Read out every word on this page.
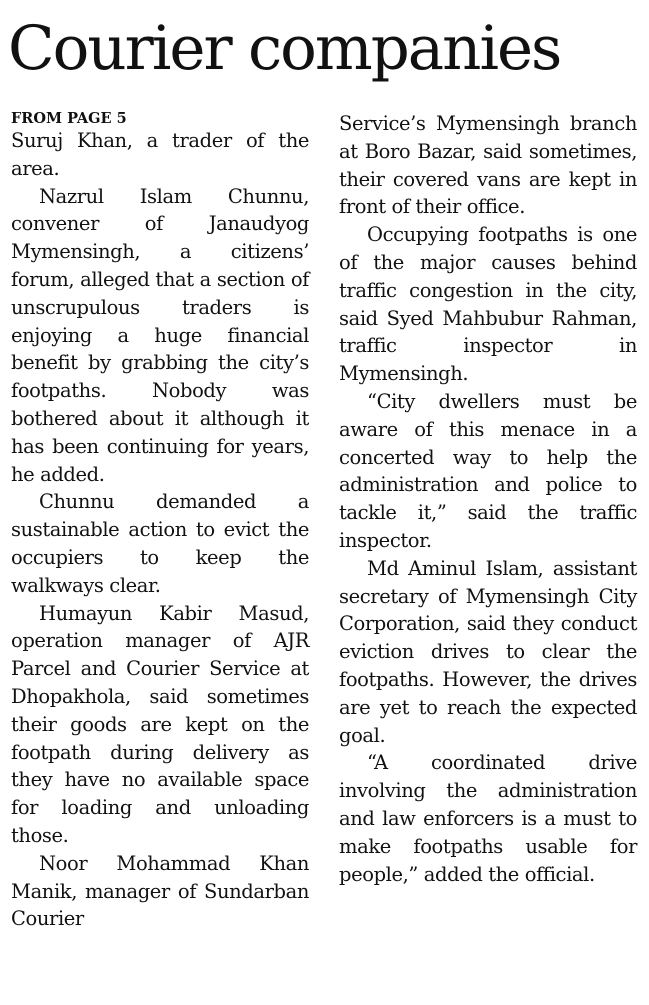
Courier companies
FROM PAGE 5

Suruj Khan, a trader of the area.

Nazrul Islam Chunnu, convener of Janaudyog Mymensingh, a citizens’ forum, alleged that a section of unscrupulous traders is enjoying a huge financial benefit by grabbing the city’s footpaths. Nobody was bothered about it although it has been continuing for years, he added.

Chunnu demanded a sustainable action to evict the occupiers to keep the walkways clear.

Humayun Kabir Masud, operation manager of AJR Parcel and Courier Service at Dhopakhola, said sometimes their goods are kept on the footpath during delivery as they have no available space for loading and unloading those.

Noor Mohammad Khan Manik, manager of Sundarban Courier

Service’s Mymensingh branch at Boro Bazar, said sometimes, their covered vans are kept in front of their office.

Occupying footpaths is one of the major causes behind traffic congestion in the city, said Syed Mahbubur Rahman, traffic inspector in Mymensingh.

“City dwellers must be aware of this menace in a concerted way to help the administration and police to tackle it,” said the traffic inspector.

Md Aminul Islam, assistant secretary of Mymensingh City Corporation, said they conduct eviction drives to clear the footpaths. However, the drives are yet to reach the expected goal.

“A coordinated drive involving the administration and law enforcers is a must to make footpaths usable for people,” added the official.
